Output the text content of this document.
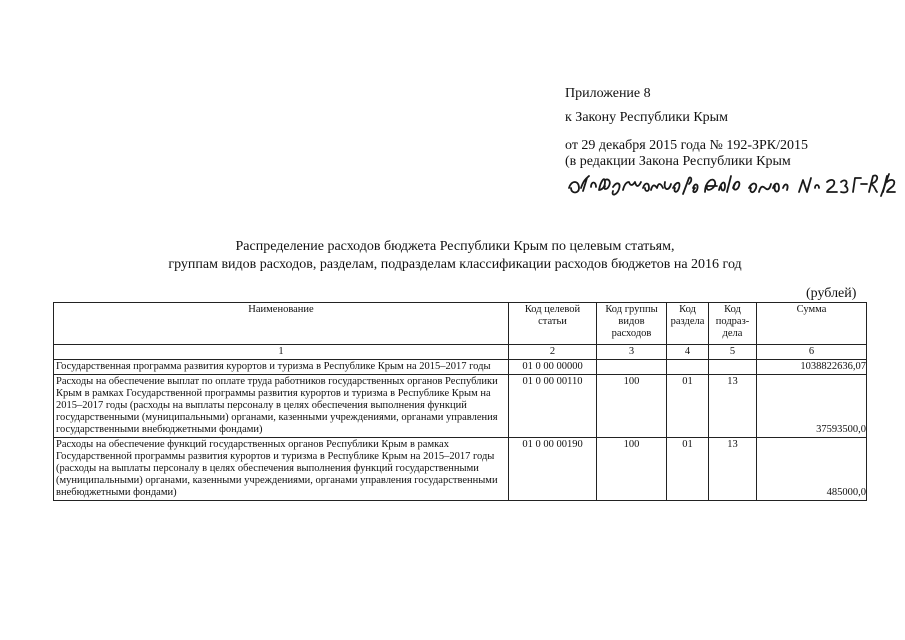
Приложение 8
к Закону Республики Крым
от 29 декабря 2015 года № 192-ЗРК/2015
(в редакции Закона Республики Крым
Распределение расходов бюджета Республики Крым по целевым статьям,
группам видов расходов, разделам, подразделам классификации расходов бюджетов на 2016 год
(рублей)
Наименование	Код целевой статьи	Код группы видов расходов	Код раздела	Код подраз-дела	Сумма
1	2	3	4	5	6
Государственная программа развития курортов и туризма в Республике Крым на 2015–2017 годы	01 0 00 00000				1038822636,07
Расходы на обеспечение выплат по оплате труда работников государственных органов Республики Крым в рамках Государственной программы развития курортов и туризма в Республике Крым на 2015–2017 годы (расходы на выплаты персоналу в целях обеспечения выполнения функций государственными (муниципальными) органами, казенными учреждениями, органами управления государственными внебюджетными фондами)	01 0 00 00110	100	01	13	37593500,0
Расходы на обеспечение функций государственных органов Республики Крым в рамках Государственной программы развития курортов и туризма в Республике Крым на 2015–2017 годы (расходы на выплаты персоналу в целях обеспечения выполнения функций государственными (муниципальными) органами, казенными учреждениями, органами управления государственными внебюджетными фондами)	01 0 00 00190	100	01	13	485000,0
